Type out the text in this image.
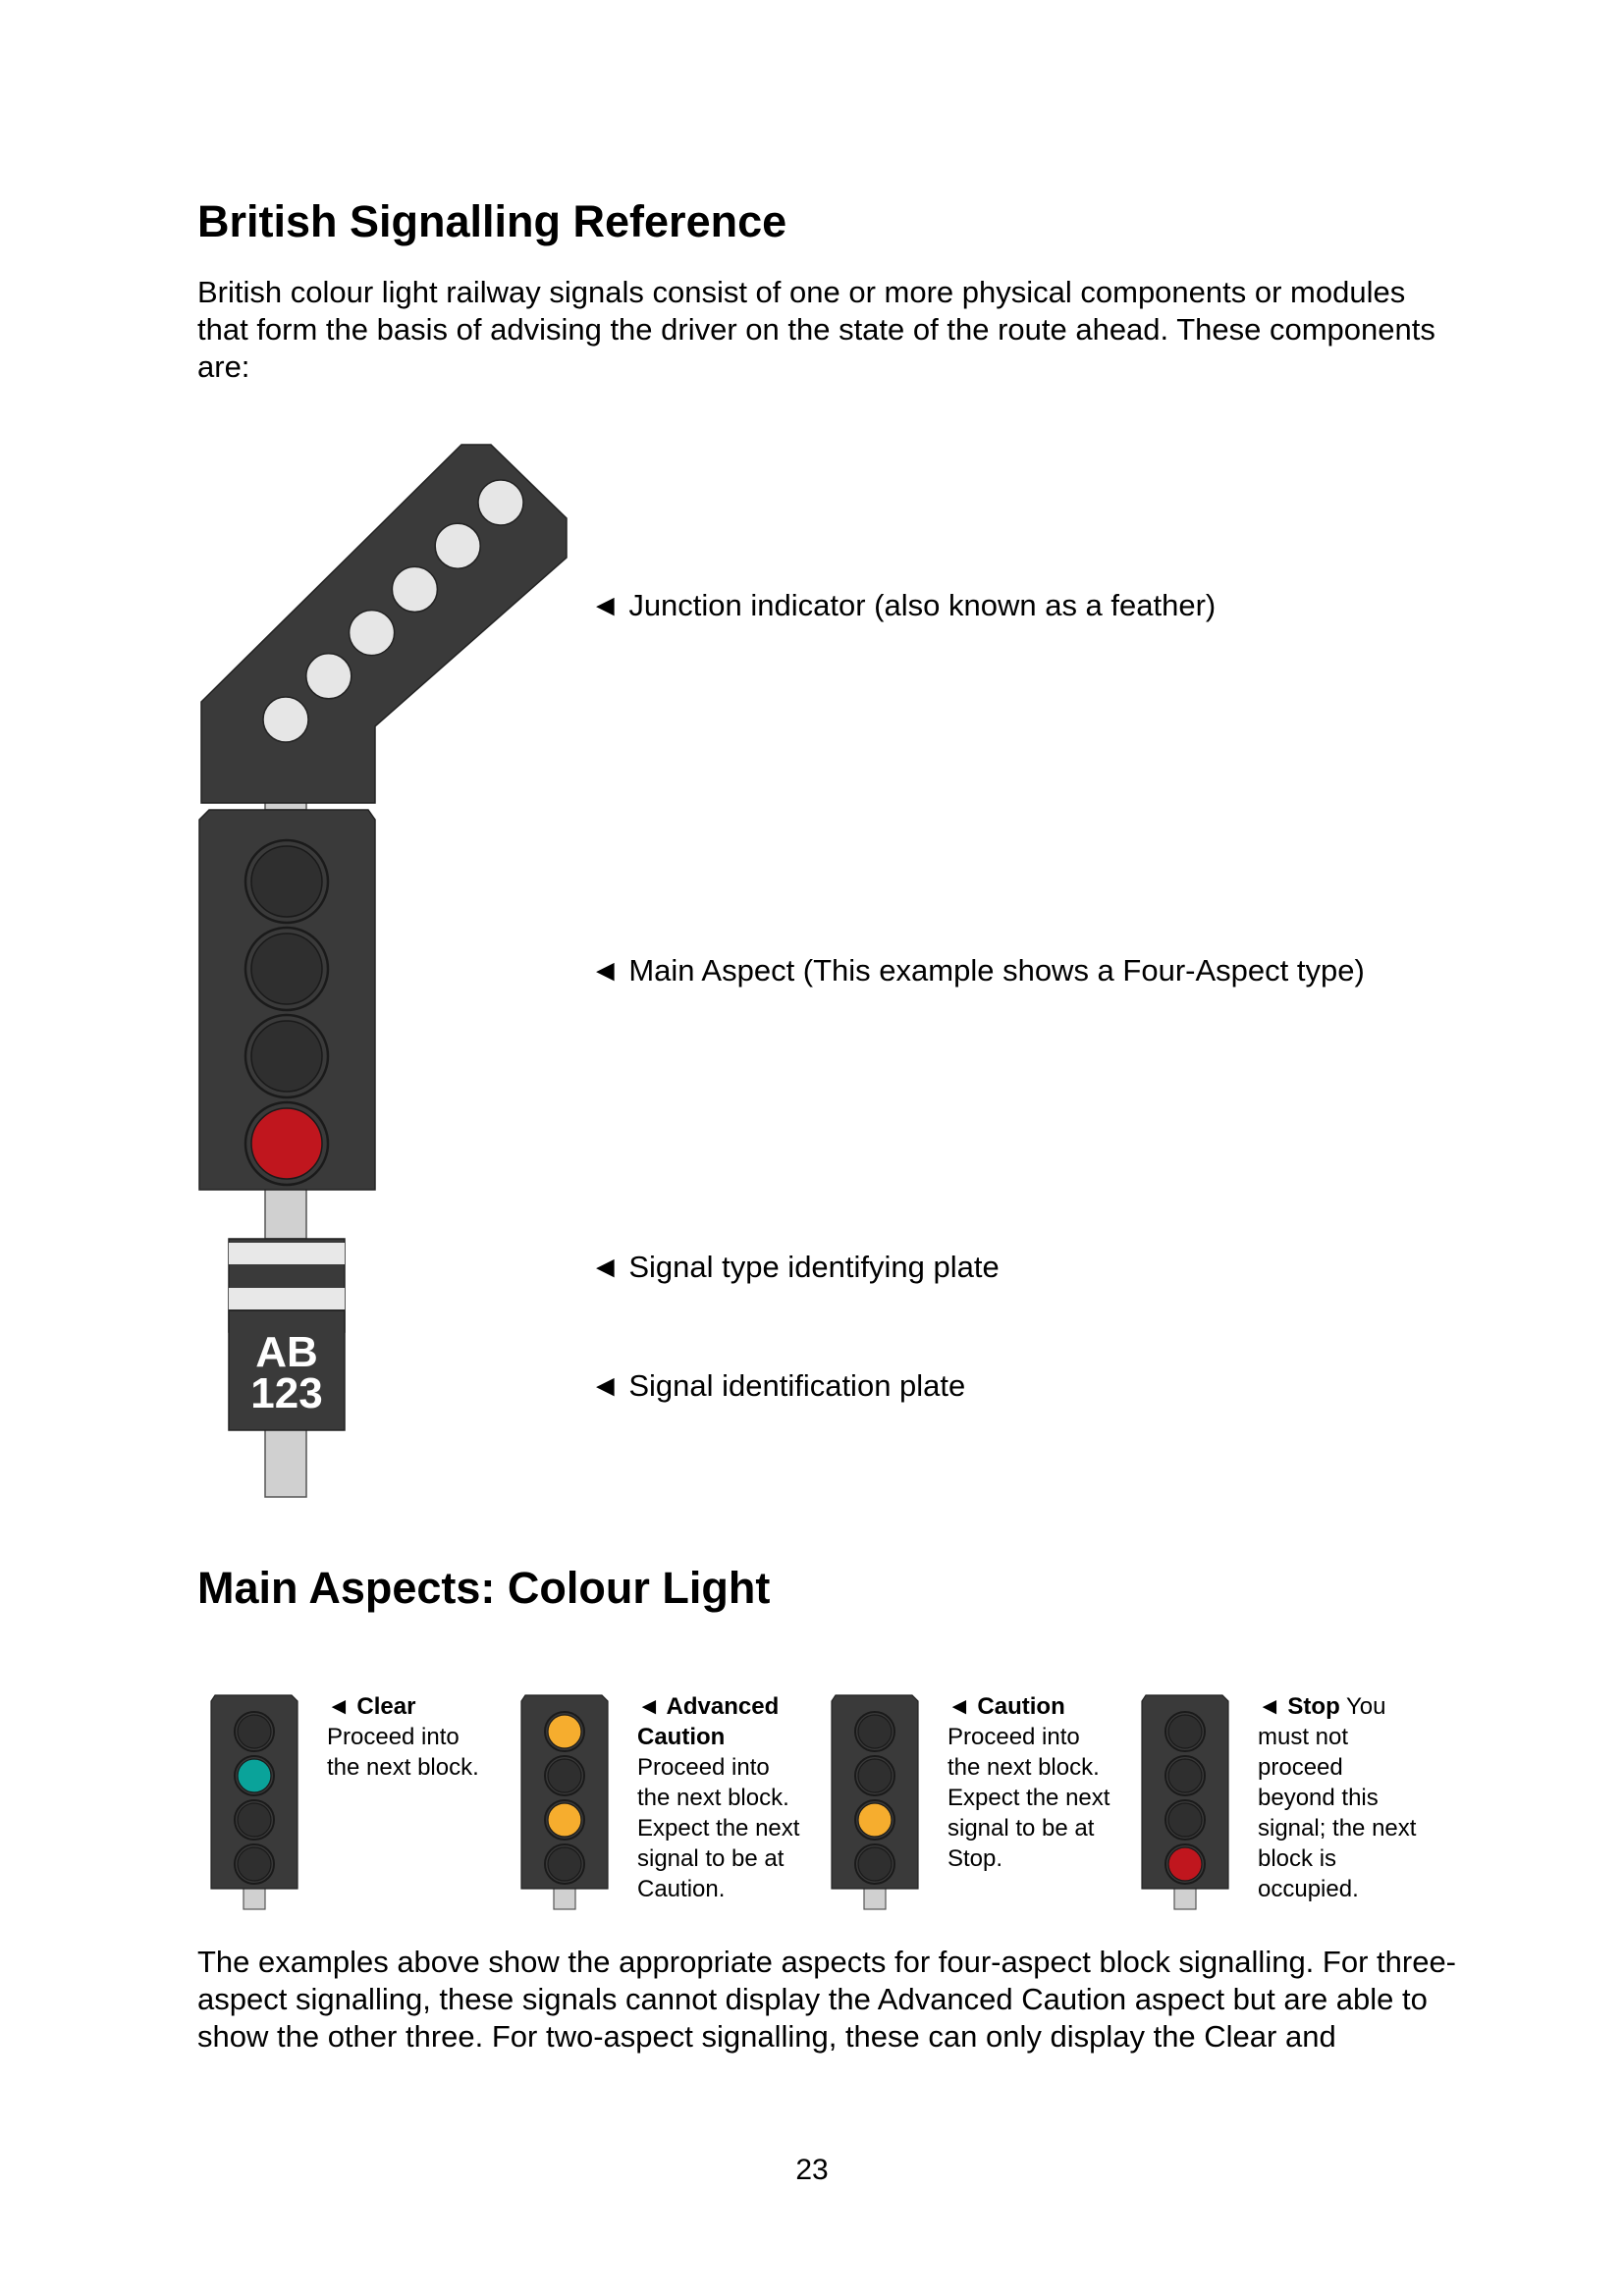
British Signalling Reference
British colour light railway signals consist of one or more physical components or modules that form the basis of advising the driver on the state of the route ahead. These components are:
AB
123
◄ Junction indicator (also known as a feather)
◄ Main Aspect (This example shows a Four-Aspect type)
◄ Signal type identifying plate
◄ Signal identification plate
Main Aspects: Colour Light
◄ Clear Proceed into the next block.
◄ Advanced Caution Proceed into the next block. Expect the next signal to be at Caution.
◄ Caution Proceed into the next block. Expect the next signal to be at Stop.
◄ Stop You must not proceed beyond this signal; the next block is occupied.
The examples above show the appropriate aspects for four-aspect block signalling. For three-aspect signalling, these signals cannot display the Advanced Caution aspect but are able to show the other three. For two-aspect signalling, these can only display the Clear and
23
